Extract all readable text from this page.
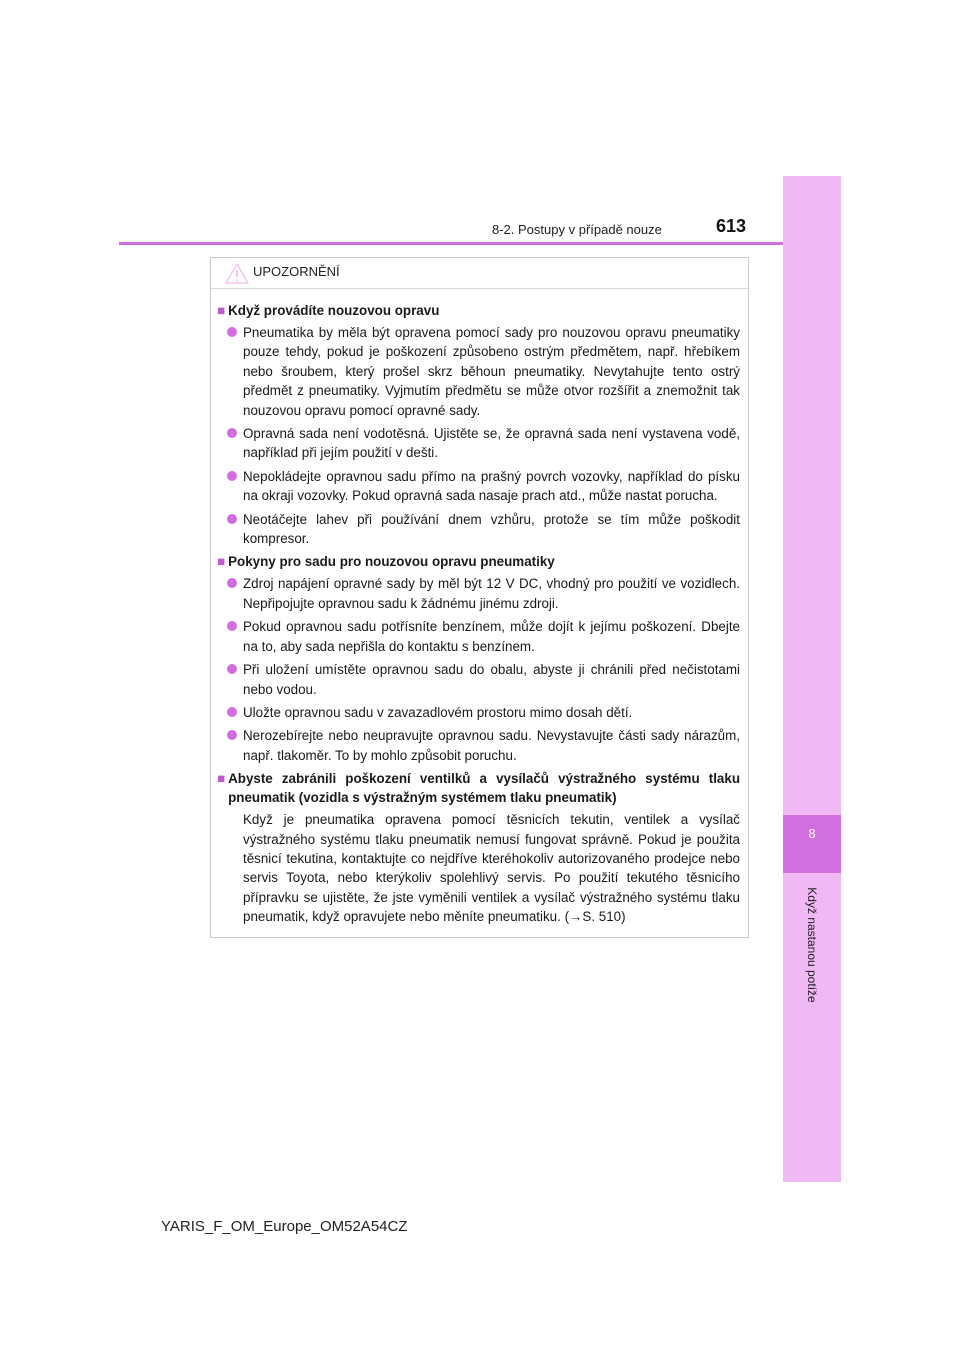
8
Když nastanou potíže
8-2. Postupy v případě nouze	613
UPOZORNĚNÍ
■ Když provádíte nouzovou opravu
Pneumatika by měla být opravena pomocí sady pro nouzovou opravu pneumatiky pouze tehdy, pokud je poškození způsobeno ostrým předmětem, např. hřebíkem nebo šroubem, který prošel skrz běhoun pneumatiky. Nevytahujte tento ostrý předmět z pneumatiky. Vyjmutím předmětu se může otvor rozšířit a znemožnit tak nouzovou opravu pomocí opravné sady.
Opravná sada není vodotěsná. Ujistěte se, že opravná sada není vystavena vodě, například při jejím použití v dešti.
Nepokládejte opravnou sadu přímo na prašný povrch vozovky, například do písku na okraji vozovky. Pokud opravná sada nasaje prach atd., může nastat porucha.
Neotáčejte lahev při používání dnem vzhůru, protože se tím může poškodit kompresor.
■ Pokyny pro sadu pro nouzovou opravu pneumatiky
Zdroj napájení opravné sady by měl být 12 V DC, vhodný pro použití ve vozidlech. Nepřipojujte opravnou sadu k žádnému jinému zdroji.
Pokud opravnou sadu potřísníte benzínem, může dojít k jejímu poškození. Dbejte na to, aby sada nepřišla do kontaktu s benzínem.
Při uložení umístěte opravnou sadu do obalu, abyste ji chránili před nečistotami nebo vodou.
Uložte opravnou sadu v zavazadlovém prostoru mimo dosah dětí.
Nerozebírejte nebo neupravujte opravnou sadu. Nevystavujte části sady nárazům, např. tlakoměr. To by mohlo způsobit poruchu.
■ Abyste zabránili poškození ventilků a vysílačů výstražného systému tlaku pneumatik (vozidla s výstražným systémem tlaku pneumatik)
Když je pneumatika opravena pomocí těsnicích tekutin, ventilek a vysílač výstražného systému tlaku pneumatik nemusí fungovat správně. Pokud je použita těsnicí tekutina, kontaktujte co nejdříve kteréhokoliv autorizovaného prodejce nebo servis Toyota, nebo kterýkoliv spolehlivý servis. Po použití tekutého těsnicího přípravku se ujistěte, že jste vyměnili ventilek a vysílač výstražného systému tlaku pneumatik, když opravujete nebo měníte pneumatiku. (→S. 510)
YARIS_F_OM_Europe_OM52A54CZ
